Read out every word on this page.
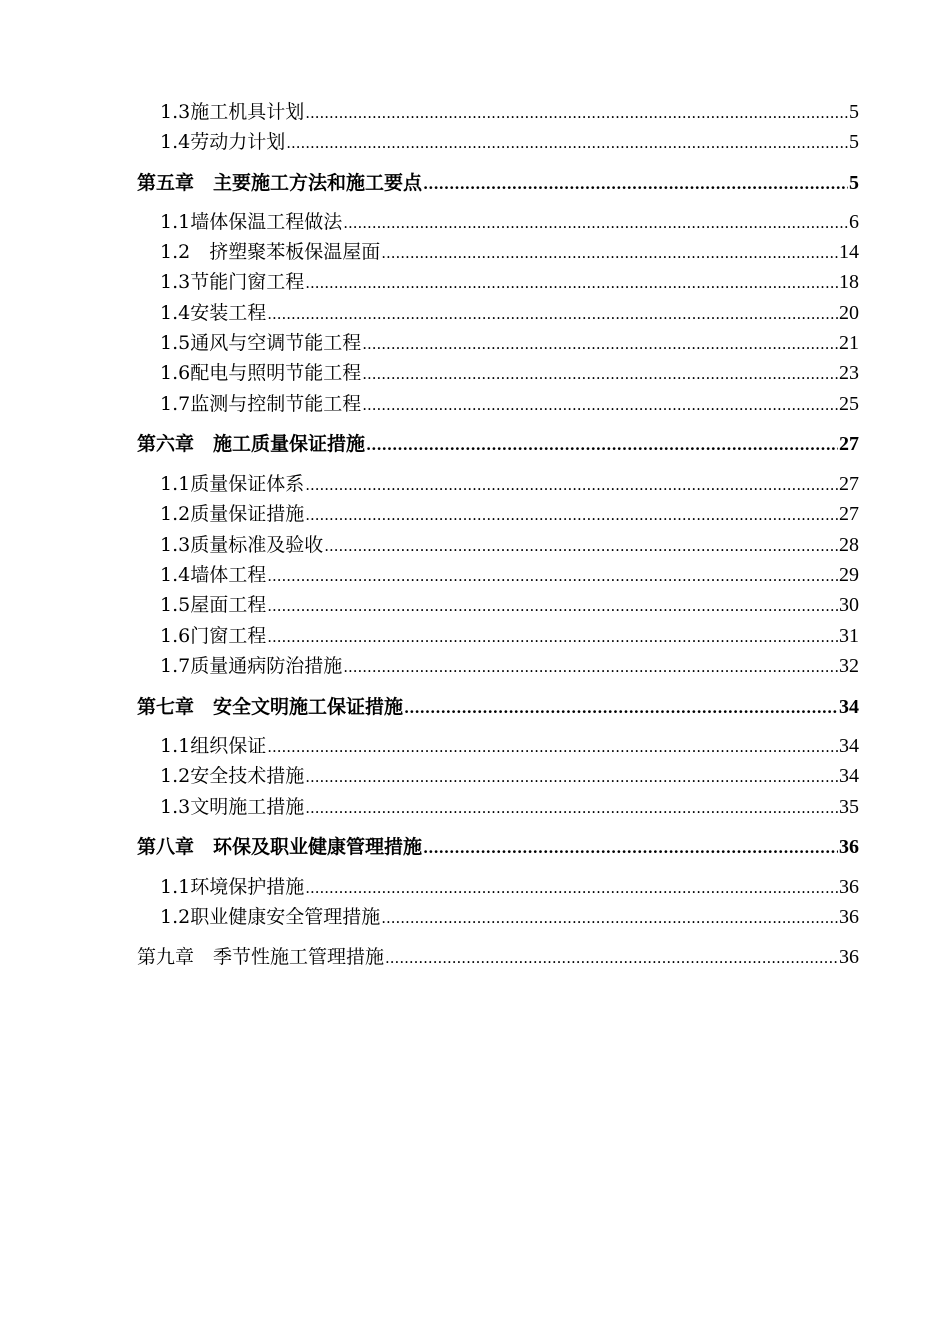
1.3施工机具计划 .....	5
1.4劳动力计划 .....	5
第五章　主要施工方法和施工要点 .....	5
1.1墙体保温工程做法 .....	6
1.2　挤塑聚苯板保温屋面 .....	14
1.3节能门窗工程 .....	18
1.4安装工程 .....	20
1.5通风与空调节能工程 .....	21
1.6配电与照明节能工程 .....	23
1.7监测与控制节能工程 .....	25
第六章　施工质量保证措施 .....	27
1.1质量保证体系 .....	27
1.2质量保证措施 .....	27
1.3质量标准及验收 .....	28
1.4墙体工程 .....	29
1.5屋面工程 .....	30
1.6门窗工程 .....	31
1.7质量通病防治措施 .....	32
第七章　安全文明施工保证措施 .....	34
1.1组织保证 .....	34
1.2安全技术措施 .....	34
1.3文明施工措施 .....	35
第八章　环保及职业健康管理措施 .....	36
1.1环境保护措施 .....	36
1.2职业健康安全管理措施 .....	36
第九章　季节性施工管理措施 .....	36
